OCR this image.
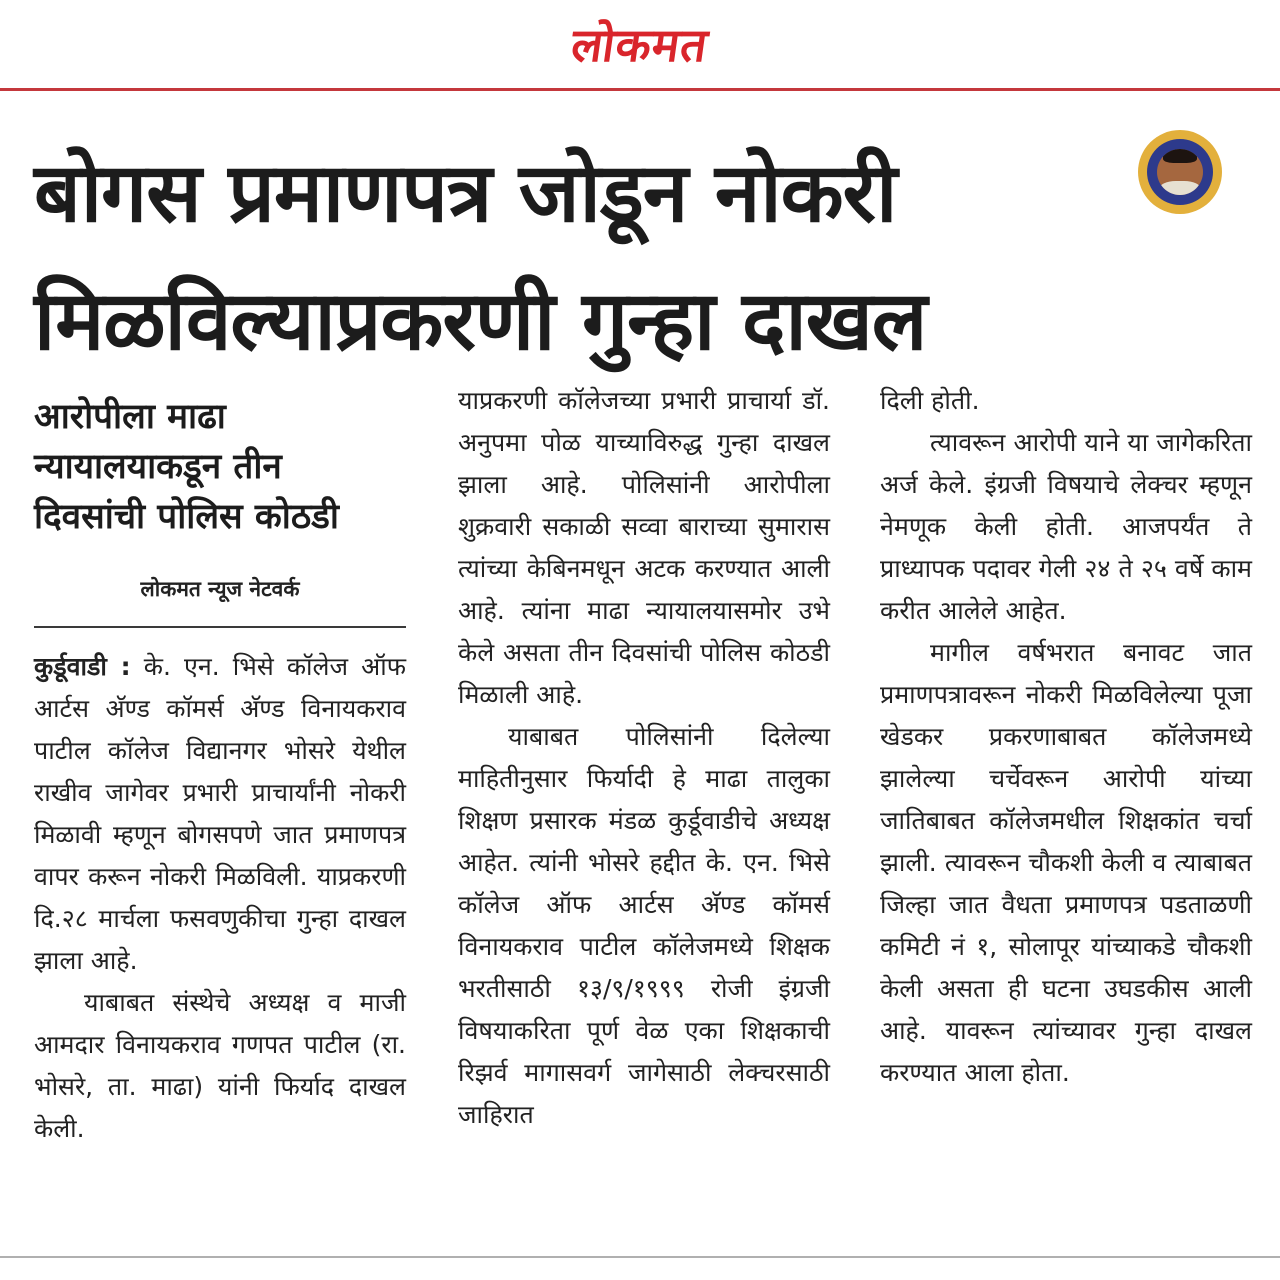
लोकमत
बोगस प्रमाणपत्र जोडून नोकरी
मिळविल्याप्रकरणी गुन्हा दाखल
आरोपीला माढा
न्यायालयाकडून तीन
दिवसांची पोलिस कोठडी
लोकमत न्यूज नेटवर्क

कुर्डूवाडी : के. एन. भिसे कॉलेज ऑफ आर्टस अ‍ॅण्ड कॉमर्स अ‍ॅण्ड विनायकराव पाटील कॉलेज विद्यानगर भोसरे येथील राखीव जागेवर प्रभारी प्राचार्यांनी नोकरी मिळावी म्हणून बोगसपणे जात प्रमाणपत्र वापर करून नोकरी मिळविली. याप्रकरणी दि.२८ मार्चला फसवणुकीचा गुन्हा दाखल झाला आहे.

याबाबत संस्थेचे अध्यक्ष व माजी आमदार विनायकराव गणपत पाटील (रा. भोसरे, ता. माढा) यांनी फिर्याद दाखल केली.

याप्रकरणी कॉलेजच्या प्रभारी प्राचार्या डॉ. अनुपमा पोळ याच्याविरुद्ध गुन्हा दाखल झाला आहे. पोलिसांनी आरोपीला शुक्रवारी सकाळी सव्वा बाराच्या सुमारास त्यांच्या केबिनमधून अटक करण्यात आली आहे. त्यांना माढा न्यायालयासमोर उभे केले असता तीन दिवसांची पोलिस कोठडी मिळाली आहे.

याबाबत पोलिसांनी दिलेल्या माहितीनुसार फिर्यादी हे माढा तालुका शिक्षण प्रसारक मंडळ कुर्डूवाडीचे अध्यक्ष आहेत. त्यांनी भोसरे हद्दीत के. एन. भिसे कॉलेज ऑफ आर्टस अ‍ॅण्ड कॉमर्स विनायकराव पाटील कॉलेजमध्ये शिक्षक भरतीसाठी १३/९/१९९९ रोजी इंग्रजी विषयाकरिता पूर्ण वेळ एका शिक्षकाची रिझर्व मागासवर्ग जागेसाठी लेक्चरसाठी जाहिरात

दिली होती.

त्यावरून आरोपी याने या जागेकरिता अर्ज केले. इंग्रजी विषयाचे लेक्चर म्हणून नेमणूक केली होती. आजपर्यंत ते प्राध्यापक पदावर गेली २४ ते २५ वर्षे काम करीत आलेले आहेत.

मागील वर्षभरात बनावट जात प्रमाणपत्रावरून नोकरी मिळविलेल्या पूजा खेडकर प्रकरणाबाबत कॉलेजमध्ये झालेल्या चर्चेवरून आरोपी यांच्या जातिबाबत कॉलेजमधील शिक्षकांत चर्चा झाली. त्यावरून चौकशी केली व त्याबाबत जिल्हा जात वैधता प्रमाणपत्र पडताळणी कमिटी नं १, सोलापूर यांच्याकडे चौकशी केली असता ही घटना उघडकीस आली आहे. यावरून त्यांच्यावर गुन्हा दाखल करण्यात आला होता.
